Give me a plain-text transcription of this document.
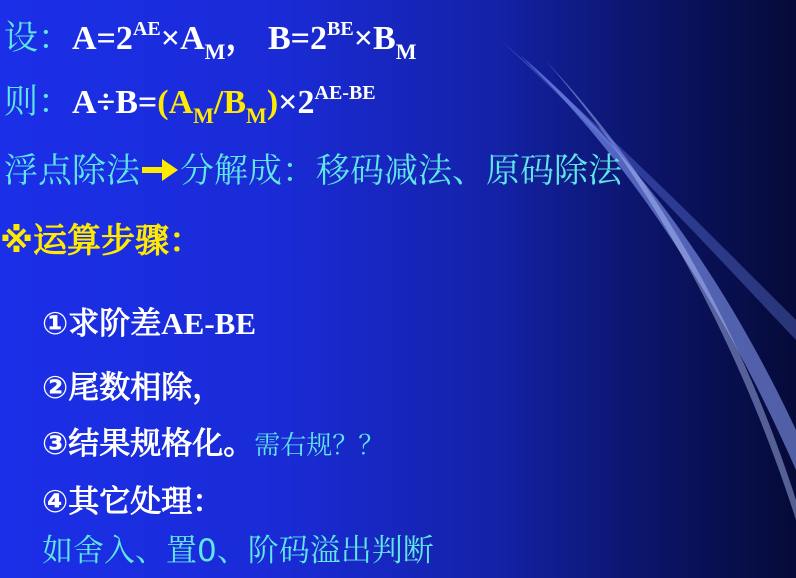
设：$A=2^{AE}\times A_M$， $B=2^{BE}\times B_M$
则：$A\div B=(A_M/B_M)\times 2^{AE-BE}$
浮点除法 分解成：移码减法、原码除法
※运算步骤：
①求阶差AE-BE
②尾数相除，
③结果规格化。需右规？？
④其它处理：
如舍入、置0、阶码溢出判断
